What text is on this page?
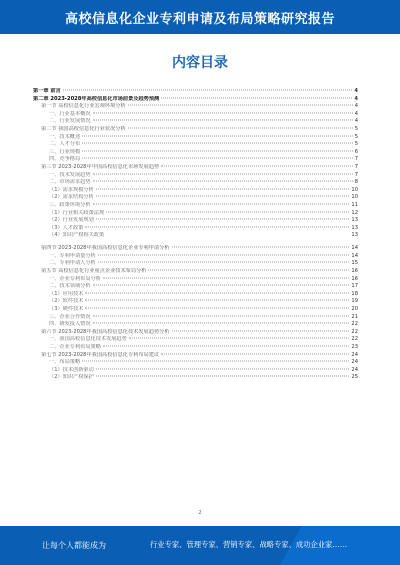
高校信息化企业专利申请及布局策略研究报告
内容目录
第一章 前言	4
第二章 2023-2028年高校信息化市场前景及趋势预测	4
第一节 高校信息化行业宏观环境分析	4
一、行业基本概况	4
二、行业发展情况	4
第二节 我国高校信息化行业状况分析	5
一、技术概述	5
二、人才分布	5
三、行业规模	6
四、竞争格局	7
第三节 2023-2028年中国高校信息化市场发展趋势	7
一、技术发展趋势	7
二、市场需求趋势	8
（1）需求规模分析	10
（2）需求结构分析	10
三、政策环境分析	11
（1）行业相关政策法规	12
（2）行业发展规划	13
（3）人才政策	13
（4）知识产权相关政策	13
第四节 2023-2028年我国高校信息化企业专利申请分析	14
一、专利申请量分析	14
二、专利申请人分析	15
第五节 高校信息化行业重点企业技术布局分析	16
一、企业专利布局分析	16
二、技术领域分析	17
（1）应用技术	18
（2）软件技术	19
（3）硬件技术	20
三、企业合作情况	21
四、研发投入情况	22
第六节 2023-2028年我国高校信息化技术发展趋势分析	22
一、我国高校信息化技术发展趋势	22
二、企业专利布局策略	23
第七节 2023-2028年我国高校信息化专利布局建议	24
一、布局策略	24
（1）技术创新驱动	24
（2）知识产权保护	25
2
让每个人都能成为	行业专家、管理专家、营销专家、战略专家、成功企业家……
